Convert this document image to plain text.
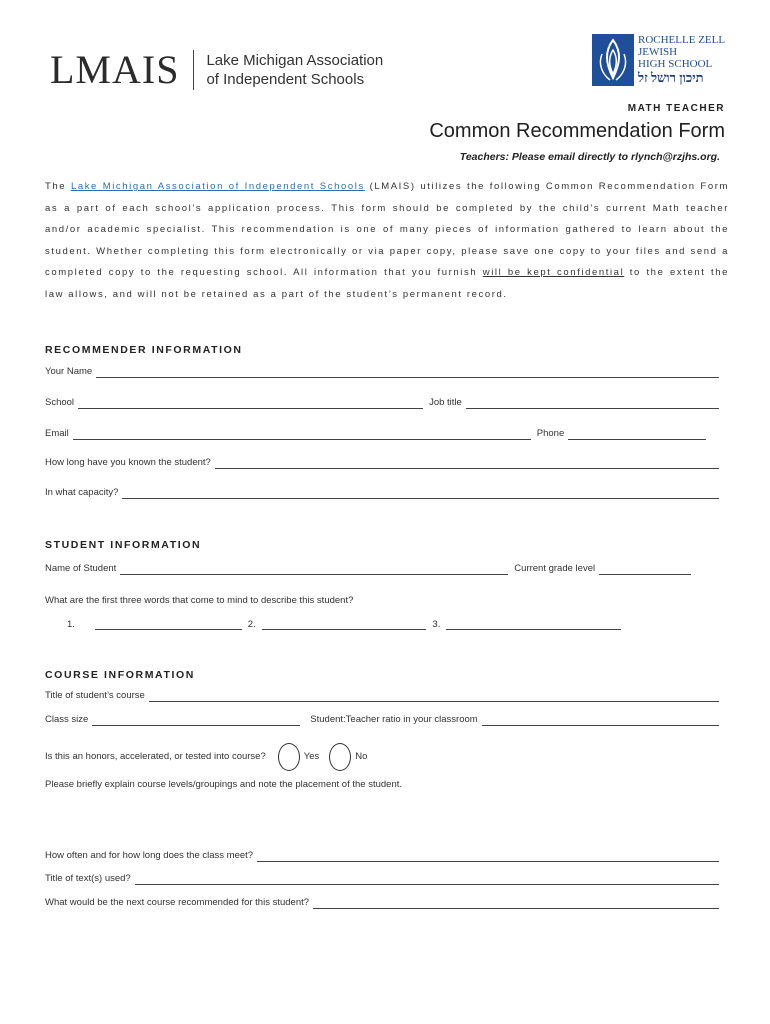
LMAIS Lake Michigan Association
of Independent Schools
ROCHELLE ZELL
JEWISH
HIGH SCHOOL
תיכון רושל זל
MATH TEACHER
Common Recommendation Form
Teachers: Please email directly to rlynch@rzjhs.org.
The Lake Michigan Association of Independent Schools (LMAIS) utilizes the following Common Recommendation Form as a part of each school’s application process. This form should be completed by the child’s current Math teacher and/or academic specialist. This recommendation is one of many pieces of information gathered to learn about the student. Whether completing this form electronically or via paper copy, please save one copy to your files and send a completed copy to the requesting school. All information that you furnish will be kept confidential to the extent the law allows, and will not be retained as a part of the student’s permanent record.
RECOMMENDER INFORMATION
Your Name
School	Job title
Email	Phone
How long have you known the student?
In what capacity?
STUDENT INFORMATION
Name of Student	Current grade level
What are the first three words that come to mind to describe this student?
1.	2.	3.
COURSE INFORMATION
Title of student’s course
Class size	Student:Teacher ratio in your classroom
Is this an honors, accelerated, or tested into course?	Yes	No
Please briefly explain course levels/groupings and note the placement of the student.
How often and for how long does the class meet?
Title of text(s) used?
What would be the next course recommended for this student?
